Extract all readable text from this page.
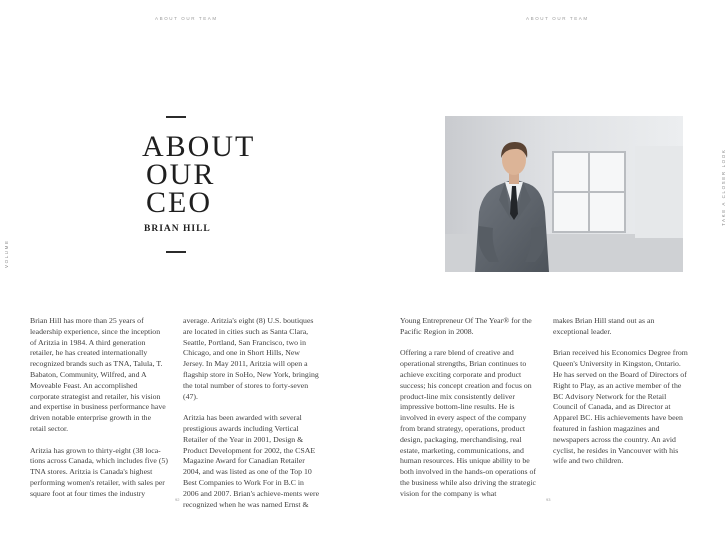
ABOUT OUR TEAM
VOLUME
ABOUT
OUR
CEO
BRIAN HILL

Brian Hill has more than 25 years of leadership experience, since the inception of Aritzia in 1984. A third generation retailer, he has created internationally recognized brands such as TNA, Talula, T. Babaton, Community, Wilfred, and A Moveable Feast. An accomplished corporate strategist and retailer, his vision and expertise in business performance have driven notable enterprise growth in the retail sector.

Aritzia has grown to thirty-eight (38 loca- tions across Canada, which includes five (5) TNA stores. Aritzia is Canada's highest performing women's retailer, with sales per square foot at four times the industry

average. Aritzia's eight (8) U.S. boutiques are located in cities such as Santa Clara, Seattle, Portland, San Francisco, two in Chicago, and one in Short Hills, New Jersey. In May 2011, Aritzia will open a flagship store in SoHo, New York, bringing the total number of stores to forty-seven (47).

Aritzia has been awarded with several prestigious awards including Vertical Retailer of the Year in 2001, Design & Product Development for 2002, the CSAE Magazine Award for Canadian Retailer 2004, and was listed as one of the Top 10 Best Companies to Work For in B.C in 2006 and 2007. Brian's achieve-ments were recognized when he was named Ernst &

92
ABOUT OUR TEAM
TAKE A CLOSER LOOK

Young Entrepreneur Of The Year® for the Pacific Region in 2008.

Offering a rare blend of creative and operational strengths, Brian continues to achieve exciting corporate and product success; his concept creation and focus on product-line mix consistently deliver impressive bottom-line results. He is involved in every aspect of the company from brand strategy, operations, product design, packaging, merchandising, real estate, marketing, communications, and human resources. His unique ability to be both involved in the hands-on operations of the business while also driving the strategic vision for the company is what

makes Brian Hill stand out as an exceptional leader.

Brian received his Economics Degree from Queen's University in Kingston, Ontario. He has served on the Board of Directors of Right to Play, as an active member of the BC Advisory Network for the Retail Council of Canada, and as Director at Apparel BC. His achievements have been featured in fashion magazines and newspapers across the country. An avid cyclist, he resides in Vancouver with his wife and two children.

93
